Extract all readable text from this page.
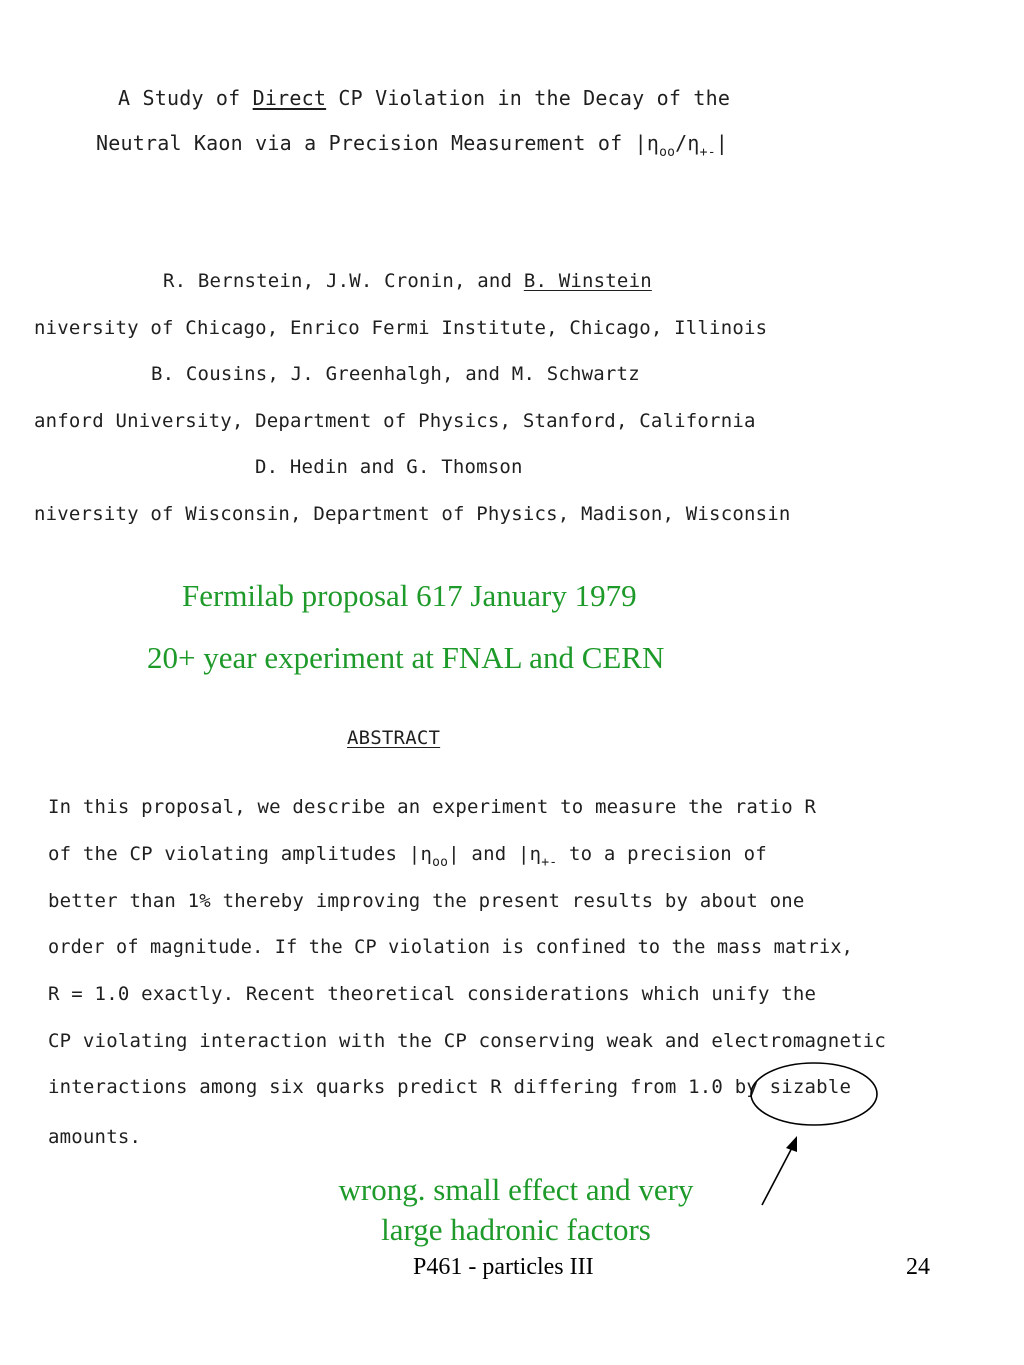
A Study of Direct CP Violation in the Decay of the
Neutral Kaon via a Precision Measurement of $|\eta_{oo}/\eta_{+-}|$
R. Bernstein, J.W. Cronin, and B. Winstein
niversity of Chicago, Enrico Fermi Institute, Chicago, Illinois
B. Cousins, J. Greenhalgh, and M. Schwartz
anford University, Department of Physics, Stanford, California
D. Hedin and G. Thomson
niversity of Wisconsin, Department of Physics, Madison, Wisconsin
Fermilab proposal 617 January 1979
20+ year experiment at FNAL and CERN
ABSTRACT
In this proposal, we describe an experiment to measure the ratio R
of the CP violating amplitudes $|\eta_{oo}|$ and $|\eta_{+-}$ to a precision of
better than 1% thereby improving the present results by about one
order of magnitude. If the CP violation is confined to the mass matrix,
R = 1.0 exactly. Recent theoretical considerations which unify the
CP violating interaction with the CP conserving weak and electromagnetic
interactions among six quarks predict R differing from 1.0 by sizable
amounts.
wrong. small effect and very
large hadronic factors
P461 - particles III	24
